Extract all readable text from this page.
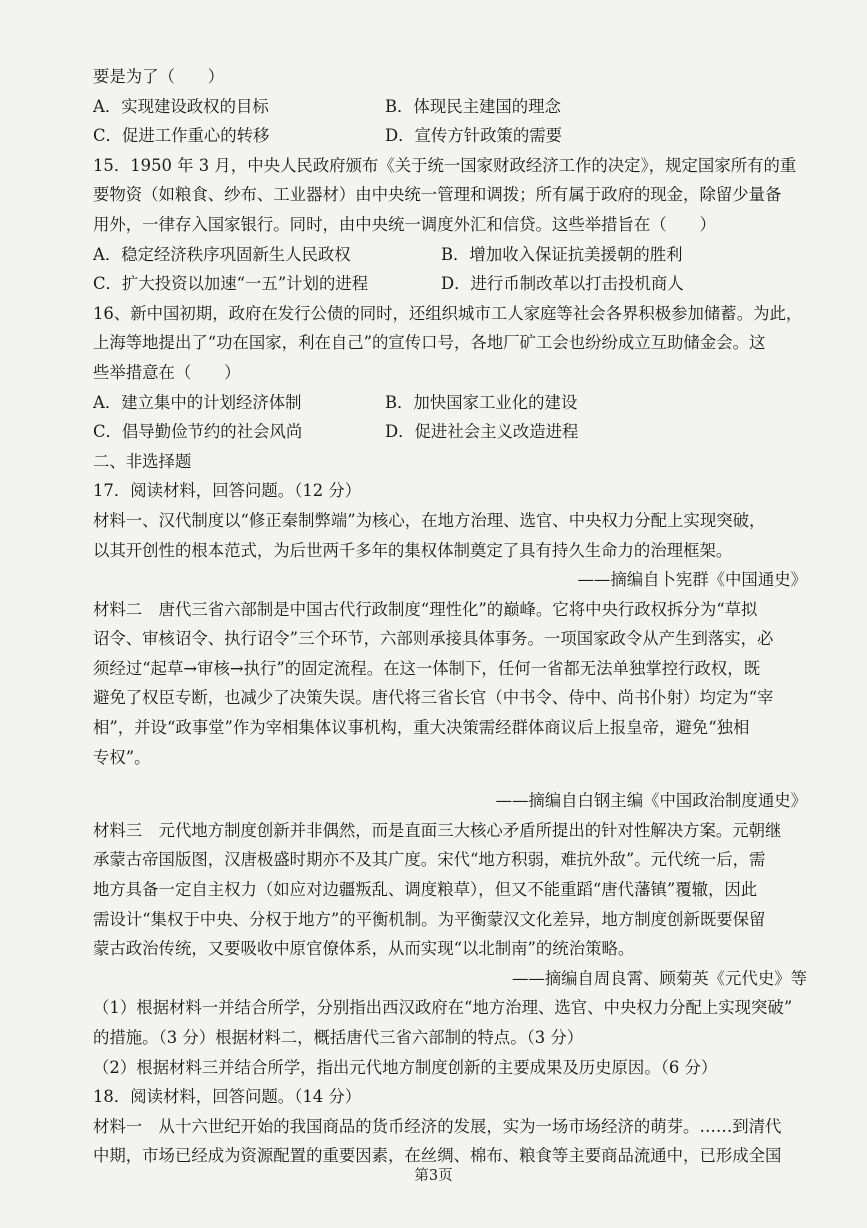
要是为了（　　）
A．实现建设政权的目标	B．体现民主建国的理念
C．促进工作重心的转移	D．宣传方针政策的需要
15．1950 年 3 月，中央人民政府颁布《关于统一国家财政经济工作的决定》，规定国家所有的重
要物资（如粮食、纱布、工业器材）由中央统一管理和调拨；所有属于政府的现金，除留少量备
用外，一律存入国家银行。同时，由中央统一调度外汇和信贷。这些举措旨在（　　）
A．稳定经济秩序巩固新生人民政权	B．增加收入保证抗美援朝的胜利
C．扩大投资以加速“一五”计划的进程	D．进行币制改革以打击投机商人
16、新中国初期，政府在发行公债的同时，还组织城市工人家庭等社会各界积极参加储蓄。为此，
上海等地提出了“功在国家，利在自己”的宣传口号，各地厂矿工会也纷纷成立互助储金会。这
些举措意在（　　）
A．建立集中的计划经济体制	B．加快国家工业化的建设
C．倡导勤俭节约的社会风尚	D．促进社会主义改造进程
二、非选择题
17．阅读材料，回答问题。（12 分）
材料一、汉代制度以“修正秦制弊端”为核心，在地方治理、选官、中央权力分配上实现突破，
以其开创性的根本范式，为后世两千多年的集权体制奠定了具有持久生命力的治理框架。
——摘编自卜宪群《中国通史》
材料二　唐代三省六部制是中国古代行政制度“理性化”的巅峰。它将中央行政权拆分为“草拟
诏令、审核诏令、执行诏令”三个环节，六部则承接具体事务。一项国家政令从产生到落实，必
须经过“起草→审核→执行”的固定流程。在这一体制下，任何一省都无法单独掌控行政权，既
避免了权臣专断，也减少了决策失误。唐代将三省长官（中书令、侍中、尚书仆射）均定为“宰
相”，并设“政事堂”作为宰相集体议事机构，重大决策需经群体商议后上报皇帝，避免“独相
专权”。
——摘编自白钢主编《中国政治制度通史》
材料三　元代地方制度创新并非偶然，而是直面三大核心矛盾所提出的针对性解决方案。元朝继
承蒙古帝国版图，汉唐极盛时期亦不及其广度。宋代“地方积弱，难抗外敌”。元代统一后，需
地方具备一定自主权力（如应对边疆叛乱、调度粮草），但又不能重蹈“唐代藩镇”覆辙，因此
需设计“集权于中央、分权于地方”的平衡机制。为平衡蒙汉文化差异，地方制度创新既要保留
蒙古政治传统，又要吸收中原官僚体系，从而实现“以北制南”的统治策略。
——摘编自周良霄、顾菊英《元代史》等
（1）根据材料一并结合所学，分别指出西汉政府在“地方治理、选官、中央权力分配上实现突破”
的措施。（3 分）根据材料二，概括唐代三省六部制的特点。（3 分）
（2）根据材料三并结合所学，指出元代地方制度创新的主要成果及历史原因。（6 分）
18．阅读材料，回答问题。（14 分）
材料一　从十六世纪开始的我国商品的货币经济的发展，实为一场市场经济的萌芽。……到清代
中期，市场已经成为资源配置的重要因素，在丝绸、棉布、粮食等主要商品流通中，已形成全国
第3页
